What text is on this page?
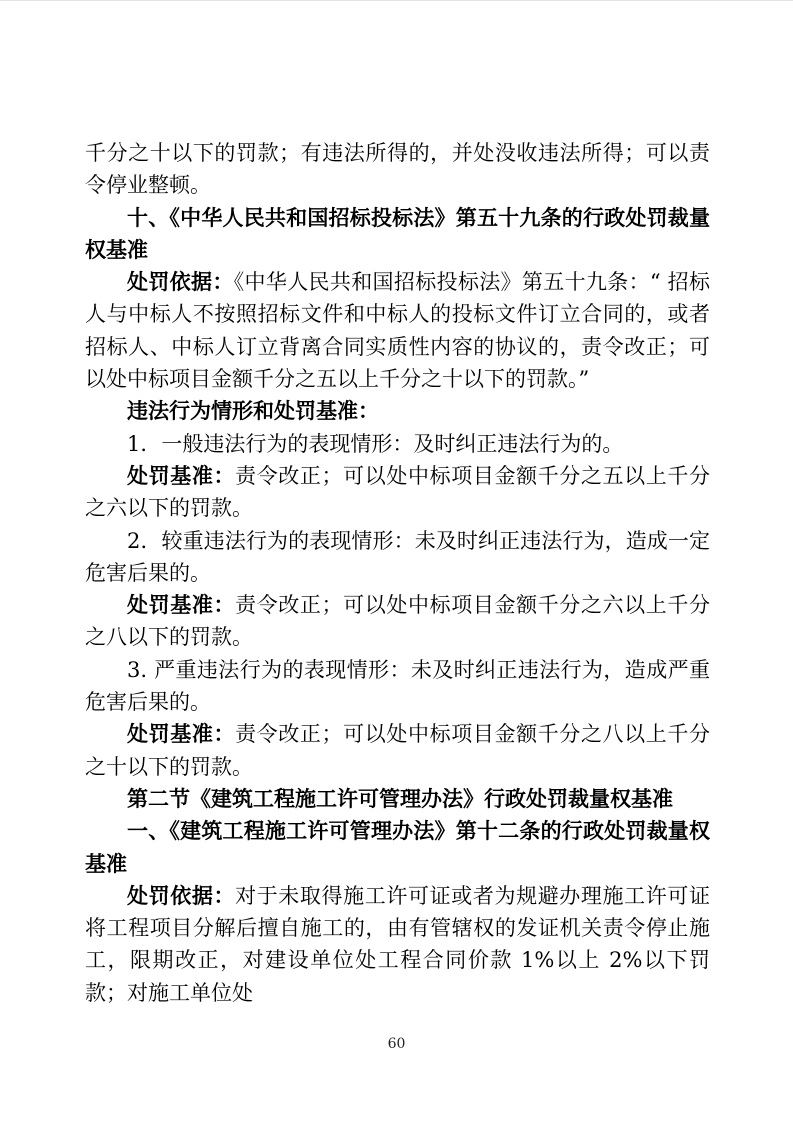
千分之十以下的罚款；有违法所得的，并处没收违法所得；可以责令停业整顿。

十、《中华人民共和国招标投标法》第五十九条的行政处罚裁量权基准

处罚依据：《中华人民共和国招标投标法》第五十九条：“ 招标人与中标人不按照招标文件和中标人的投标文件订立合同的，或者招标人、中标人订立背离合同实质性内容的协议的，责令改正；可以处中标项目金额千分之五以上千分之十以下的罚款。”

违法行为情形和处罚基准：

1．一般违法行为的表现情形：及时纠正违法行为的。

处罚基准：责令改正；可以处中标项目金额千分之五以上千分之六以下的罚款。

2．较重违法行为的表现情形：未及时纠正违法行为，造成一定危害后果的。

处罚基准：责令改正；可以处中标项目金额千分之六以上千分之八以下的罚款。

3. 严重违法行为的表现情形：未及时纠正违法行为，造成严重危害后果的。

处罚基准：责令改正；可以处中标项目金额千分之八以上千分之十以下的罚款。

第二节《建筑工程施工许可管理办法》行政处罚裁量权基准

一、《建筑工程施工许可管理办法》第十二条的行政处罚裁量权基准

处罚依据：对于未取得施工许可证或者为规避办理施工许可证将工程项目分解后擅自施工的，由有管辖权的发证机关责令停止施工，限期改正，对建设单位处工程合同价款 1%以上 2%以下罚款；对施工单位处

60
